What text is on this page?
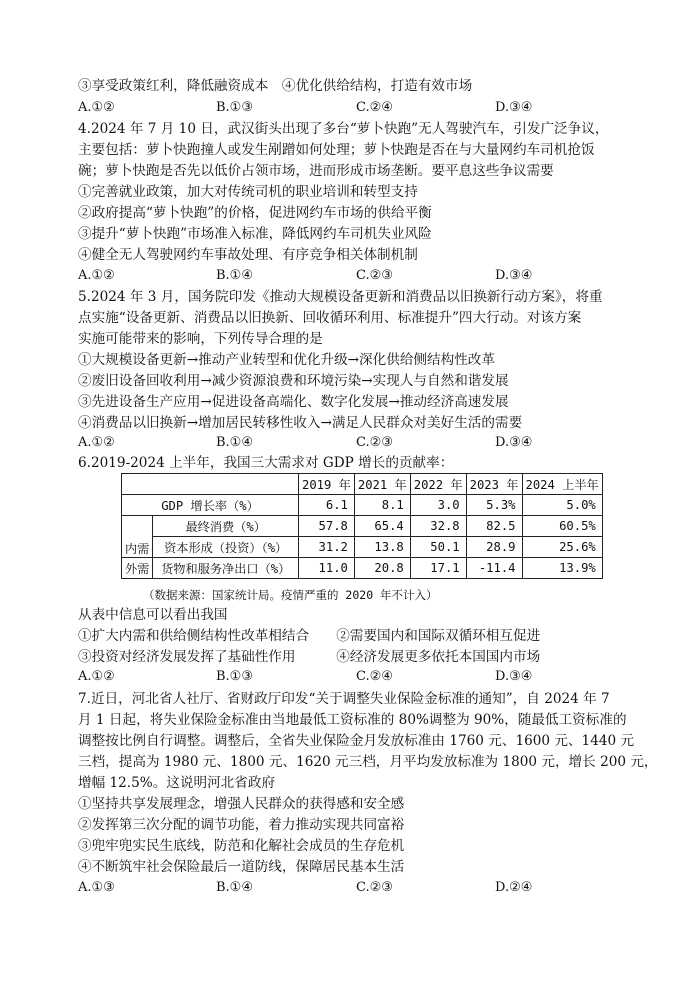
③享受政策红利，降低融资成本　④优化供给结构，打造有效市场
A.①②	B.①③	C.②④	D.③④
4.2024 年 7 月 10 日，武汉街头出现了多台“萝卜快跑”无人驾驶汽车，引发广泛争议，
主要包括：萝卜快跑撞人或发生剐蹭如何处理；萝卜快跑是否在与大量网约车司机抢饭
碗；萝卜快跑是否先以低价占领市场，进而形成市场垄断。要平息这些争议需要
①完善就业政策，加大对传统司机的职业培训和转型支持
②政府提高“萝卜快跑”的价格，促进网约车市场的供给平衡
③提升“萝卜快跑”市场准入标准，降低网约车司机失业风险
④健全无人驾驶网约车事故处理、有序竞争相关体制机制
A.①②	B.①④	C.②③	D.③④
5.2024 年 3 月，国务院印发《推动大规模设备更新和消费品以旧换新行动方案》，将重
点实施“设备更新、消费品以旧换新、回收循环利用、标准提升”四大行动。对该方案
实施可能带来的影响，下列传导合理的是
①大规模设备更新→推动产业转型和优化升级→深化供给侧结构性改革
②废旧设备回收利用→减少资源浪费和环境污染→实现人与自然和谐发展
③先进设备生产应用→促进设备高端化、数字化发展→推动经济高速发展
④消费品以旧换新→增加居民转移性收入→满足人民群众对美好生活的需要
A.①②	B.①④	C.②③	D.③④
6.2019-2024 上半年，我国三大需求对 GDP 增长的贡献率：
		2019 年	2021 年	2022 年	2023 年	2024 上半年
GDP 增长率（%）		6.1	8.1	3.0	5.3%	5.0%
内需	最终消费（%）	57.8	65.4	32.8	82.5	60.5%
	资本形成（投资）（%）	31.2	13.8	50.1	28.9	25.6%
外需	货物和服务净出口（%）	11.0	20.8	17.1	-11.4	13.9%
（数据来源：国家统计局。疫情严重的 2020 年不计入）
从表中信息可以看出我国
①扩大内需和供给侧结构性改革相结合　　②需要国内和国际双循环相互促进
③投资对经济发展发挥了基础性作用　　　④经济发展更多依托本国国内市场
A.①②	B.①③	C.②④	D.③④
7.近日，河北省人社厅、省财政厅印发“关于调整失业保险金标准的通知”，自 2024 年 7
月 1 日起，将失业保险金标准由当地最低工资标准的 80%调整为 90%，随最低工资标准的
调整按比例自行调整。调整后，全省失业保险金月发放标准由 1760 元、1600 元、1440 元
三档，提高为 1980 元、1800 元、1620 元三档，月平均发放标准为 1800 元，增长 200 元，
增幅 12.5%。这说明河北省政府
①坚持共享发展理念，增强人民群众的获得感和安全感
②发挥第三次分配的调节功能，着力推动实现共同富裕
③兜牢兜实民生底线，防范和化解社会成员的生存危机
④不断筑牢社会保险最后一道防线，保障居民基本生活
A.①③	B.①④	C.②③	D.②④
